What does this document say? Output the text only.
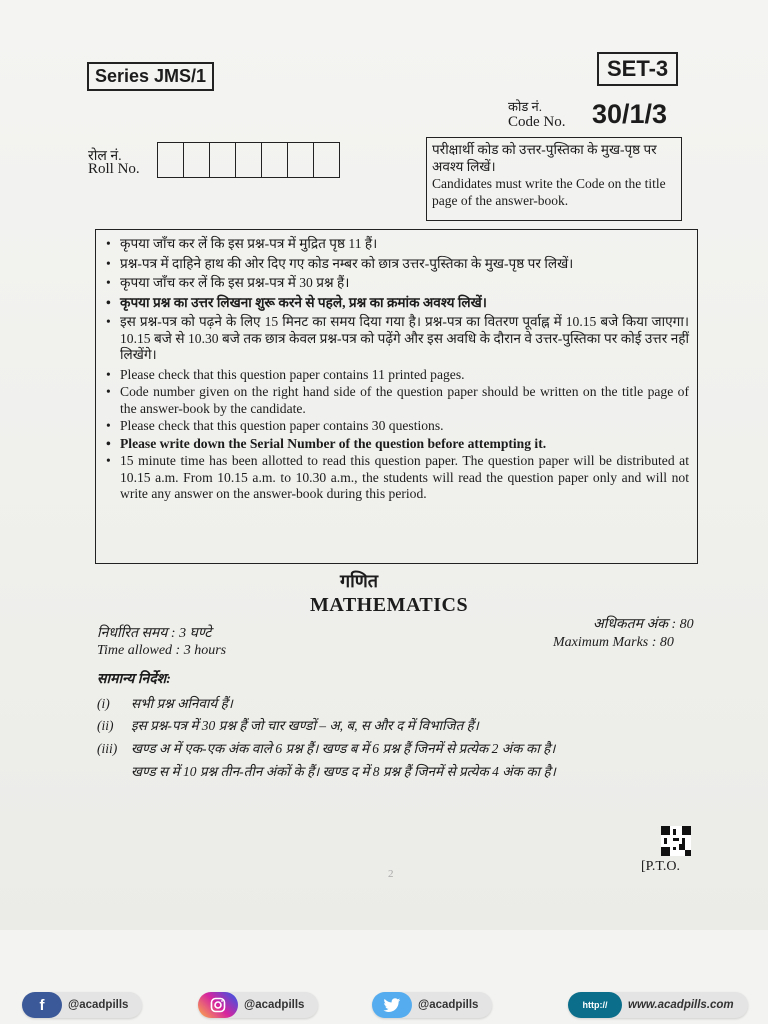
Series JMS/1	SET-3
कोड नं.
Code No. 30/1/3
रोल नं.
Roll No.
परीक्षार्थी कोड को उत्तर-पुस्तिका के मुख-पृष्ठ पर अवश्य लिखें।
Candidates must write the Code on the title page of the answer-book.
• कृपया जाँच कर लें कि इस प्रश्न-पत्र में मुद्रित पृष्ठ 11 हैं।
• प्रश्न-पत्र में दाहिने हाथ की ओर दिए गए कोड नम्बर को छात्र उत्तर-पुस्तिका के मुख-पृष्ठ पर लिखें।
• कृपया जाँच कर लें कि इस प्रश्न-पत्र में 30 प्रश्न हैं।
• कृपया प्रश्न का उत्तर लिखना शुरू करने से पहले, प्रश्न का क्रमांक अवश्य लिखें।
• इस प्रश्न-पत्र को पढ़ने के लिए 15 मिनट का समय दिया गया है। प्रश्न-पत्र का वितरण पूर्वाह्न में 10.15 बजे किया जाएगा। 10.15 बजे से 10.30 बजे तक छात्र केवल प्रश्न-पत्र को पढ़ेंगे और इस अवधि के दौरान वे उत्तर-पुस्तिका पर कोई उत्तर नहीं लिखेंगे।
• Please check that this question paper contains 11 printed pages.
• Code number given on the right hand side of the question paper should be written on the title page of the answer-book by the candidate.
• Please check that this question paper contains 30 questions.
• Please write down the Serial Number of the question before attempting it.
• 15 minute time has been allotted to read this question paper. The question paper will be distributed at 10.15 a.m. From 10.15 a.m. to 10.30 a.m., the students will read the question paper only and will not write any answer on the answer-book during this period.
गणित
MATHEMATICS
निर्धारित समय : 3 घण्टे
Time allowed : 3 hours
अधिकतम अंक : 80
Maximum Marks : 80
सामान्य निर्देश:
(i) सभी प्रश्न अनिवार्य हैं।
(ii) इस प्रश्न-पत्र में 30 प्रश्न हैं जो चार खण्डों – अ, ब, स और द में विभाजित हैं।
(iii) खण्ड अ में एक-एक अंक वाले 6 प्रश्न हैं। खण्ड ब में 6 प्रश्न हैं जिनमें से प्रत्येक 2 अंक का है।
खण्ड स में 10 प्रश्न तीन-तीन अंकों के हैं। खण्ड द में 8 प्रश्न हैं जिनमें से प्रत्येक 4 अंक का है।
[P.T.O.
2
f	@acadpills	@acadpills	@acadpills	http://	www.acadpills.com
